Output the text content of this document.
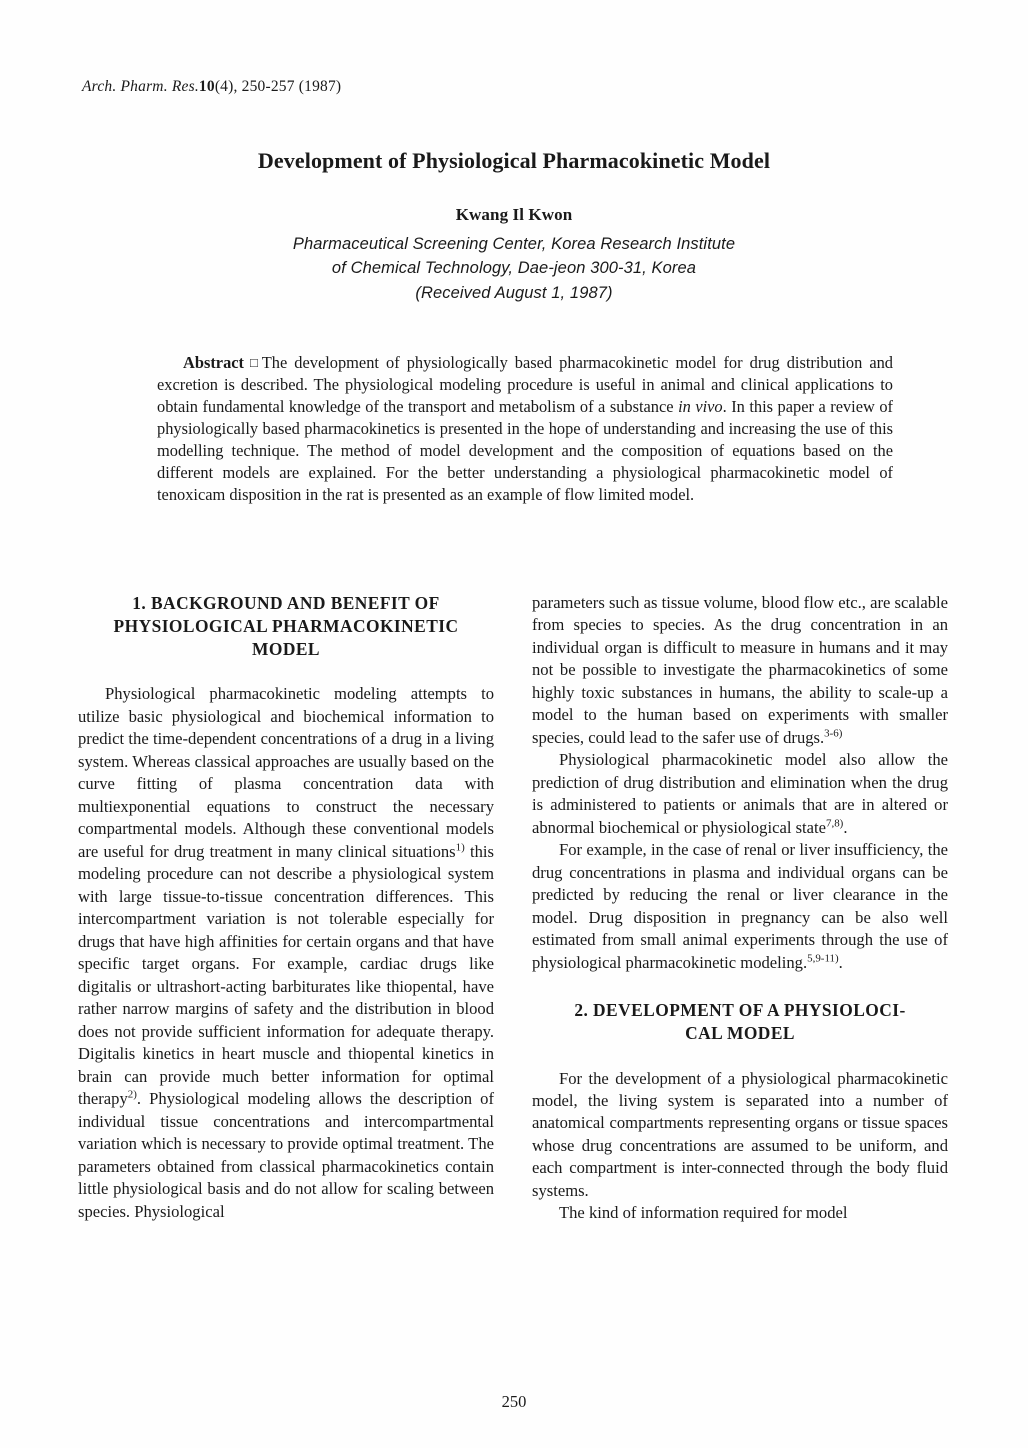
Arch. Pharm. Res.10(4), 250-257 (1987)
Development of Physiological Pharmacokinetic Model
Kwang Il Kwon
Pharmaceutical Screening Center, Korea Research Institute
of Chemical Technology, Dae-jeon 300-31, Korea
(Received August 1, 1987)
Abstract □The development of physiologically based pharmacokinetic model for drug distribution and excretion is described. The physiological modeling procedure is useful in animal and clinical applications to obtain fundamental knowledge of the transport and metabolism of a substance in vivo. In this paper a review of physiologically based pharmacokinetics is presented in the hope of understanding and increasing the use of this modelling technique. The method of model development and the composition of equations based on the different models are explained. For the better understanding a physiological pharmacokinetic model of tenoxicam disposition in the rat is presented as an example of flow limited model.
1. BACKGROUND AND BENEFIT OF
PHYSIOLOGICAL PHARMACOKINETIC
MODEL

Physiological pharmacokinetic modeling attempts to utilize basic physiological and biochemical information to predict the time-dependent concentrations of a drug in a living system. Whereas classical approaches are usually based on the curve fitting of plasma concentration data with multiexponential equations to construct the necessary compartmental models. Although these conventional models are useful for drug treatment in many clinical situations$^{1)}$ this modeling procedure can not describe a physiological system with large tissue-to-tissue concentration differences. This intercompartment variation is not tolerable especially for drugs that have high affinities for certain organs and that have specific target organs. For example, cardiac drugs like digitalis or ultrashort-acting barbiturates like thiopental, have rather narrow margins of safety and the distribution in blood does not provide sufficient information for adequate therapy. Digitalis kinetics in heart muscle and thiopental kinetics in brain can provide much better information for optimal therapy$^{2)}$. Physiological modeling allows the description of individual tissue concentrations and intercompartmental variation which is necessary to provide optimal treatment. The parameters obtained from classical pharmacokinetics contain little physiological basis and do not allow for scaling between species. Physiological

parameters such as tissue volume, blood flow etc., are scalable from species to species. As the drug concentration in an individual organ is difficult to measure in humans and it may not be possible to investigate the pharmacokinetics of some highly toxic substances in humans, the ability to scale-up a model to the human based on experiments with smaller species, could lead to the safer use of drugs.$^{3-6)}$

Physiological pharmacokinetic model also allow the prediction of drug distribution and elimination when the drug is administered to patients or animals that are in altered or abnormal biochemical or physiological state$^{7,8)}$.

For example, in the case of renal or liver insufficiency, the drug concentrations in plasma and individual organs can be predicted by reducing the renal or liver clearance in the model. Drug disposition in pregnancy can be also well estimated from small animal experiments through the use of physiological pharmacokinetic modeling.$^{5,9-11)}$.

2. DEVELOPMENT OF A PHYSIOLOCI-
CAL MODEL

For the development of a physiological pharmacokinetic model, the living system is separated into a number of anatomical compartments representing organs or tissue spaces whose drug concentrations are assumed to be uniform, and each compartment is inter-connected through the body fluid systems.

The kind of information required for model

250
